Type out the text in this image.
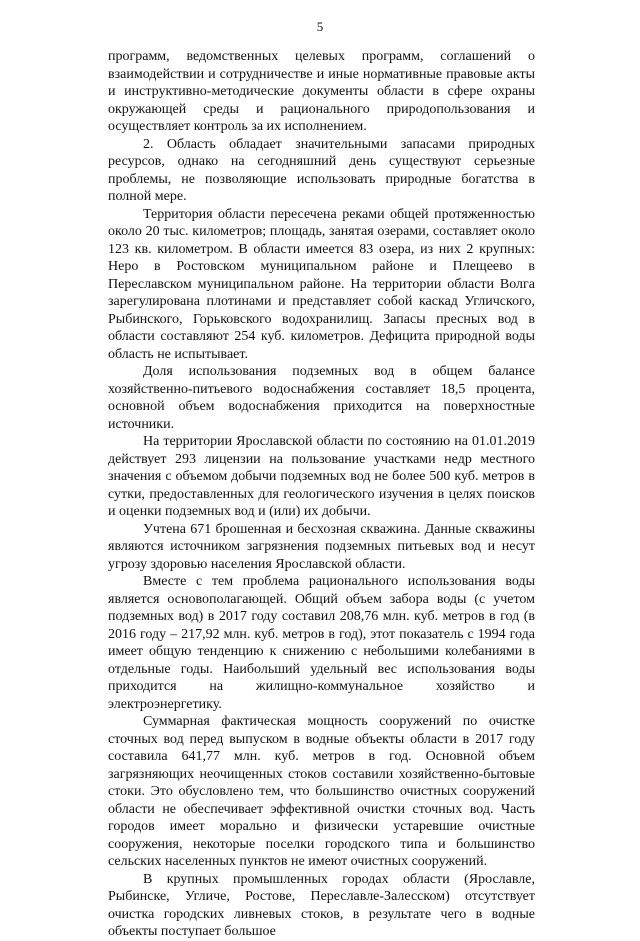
5

программ, ведомственных целевых программ, соглашений о взаимодействии и сотрудничестве и иные нормативные правовые акты и инструктивно-методические документы области в сфере охраны окружающей среды и рационального природопользования и осуществляет контроль за их исполнением.

2. Область обладает значительными запасами природных ресурсов, однако на сегодняшний день существуют серьезные проблемы, не позволяющие использовать природные богатства в полной мере.

Территория области пересечена реками общей протяженностью около 20 тыс. километров; площадь, занятая озерами, составляет около 123 кв. километром. В области имеется 83 озера, из них 2 крупных: Неро в Ростовском муниципальном районе и Плещеево в Переславском муниципальном районе. На территории области Волга зарегулирована плотинами и представляет собой каскад Угличского, Рыбинского, Горьковского водохранилищ. Запасы пресных вод в области составляют 254 куб. километров. Дефицита природной воды область не испытывает.

Доля использования подземных вод в общем балансе хозяйственно-питьевого водоснабжения составляет 18,5 процента, основной объем водоснабжения приходится на поверхностные источники.

На территории Ярославской области по состоянию на 01.01.2019 действует 293 лицензии на пользование участками недр местного значения с объемом добычи подземных вод не более 500 куб. метров в сутки, предоставленных для геологического изучения в целях поисков и оценки подземных вод и (или) их добычи.

Учтена 671 брошенная и бесхозная скважина. Данные скважины являются источником загрязнения подземных питьевых вод и несут угрозу здоровью населения Ярославской области.

Вместе с тем проблема рационального использования воды является основополагающей. Общий объем забора воды (с учетом подземных вод) в 2017 году составил 208,76 млн. куб. метров в год (в 2016 году – 217,92 млн. куб. метров в год), этот показатель с 1994 года имеет общую тенденцию к снижению с небольшими колебаниями в отдельные годы. Наибольший удельный вес использования воды приходится на жилищно-коммунальное хозяйство и электроэнергетику.

Суммарная фактическая мощность сооружений по очистке сточных вод перед выпуском в водные объекты области в 2017 году составила 641,77 млн. куб. метров в год. Основной объем загрязняющих неочищенных стоков составили хозяйственно-бытовые стоки. Это обусловлено тем, что большинство очистных сооружений области не обеспечивает эффективной очистки сточных вод. Часть городов имеет морально и физически устаревшие очистные сооружения, некоторые поселки городского типа и большинство сельских населенных пунктов не имеют очистных сооружений.

В крупных промышленных городах области (Ярославле, Рыбинске, Угличе, Ростове, Переславле-Залесском) отсутствует очистка городских ливневых стоков, в результате чего в водные объекты поступает большое
